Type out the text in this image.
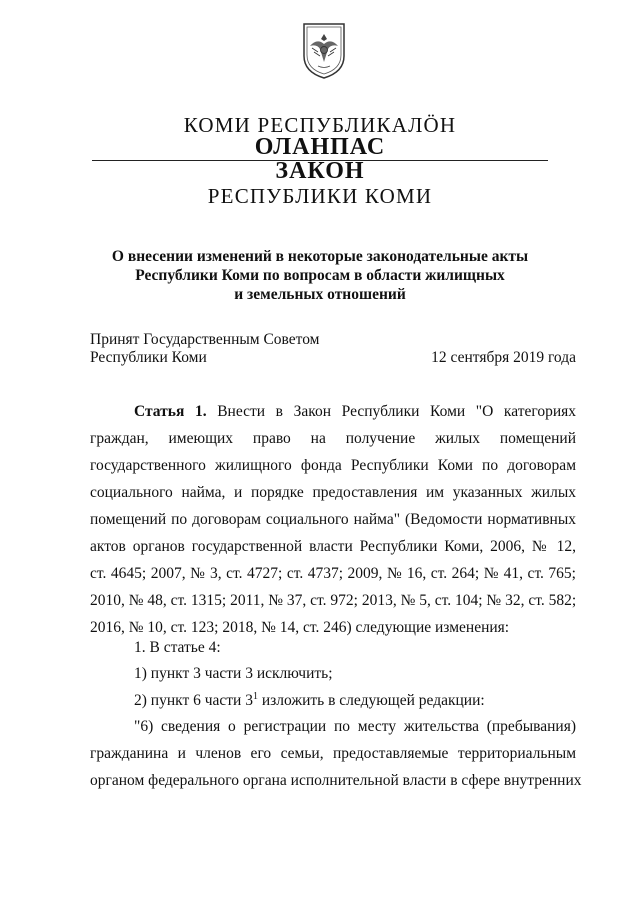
КОМИ РЕСПУБЛИКАЛӦН
ОЛАНПАС
ЗАКОН
РЕСПУБЛИКИ КОМИ
О внесении изменений в некоторые законодательные акты
Республики Коми по вопросам в области жилищных
и земельных отношений
Принят Государственным Советом
Республики Коми	12 сентября 2019 года
Статья 1. Внести в Закон Республики Коми "О категориях
граждан, имеющих право на получение жилых помещений
государственного жилищного фонда Республики Коми по договорам
социального найма, и порядке предоставления им указанных жилых
помещений по договорам социального найма" (Ведомости нормативных
актов органов государственной власти Республики Коми, 2006, № 12,
ст. 4645; 2007, № 3, ст. 4727; ст. 4737; 2009, № 16, ст. 264; № 41, ст. 765;
2010, № 48, ст. 1315; 2011, № 37, ст. 972; 2013, № 5, ст. 104; № 32, ст. 582;
2016, № 10, ст. 123; 2018, № 14, ст. 246) следующие изменения:
1. В статье 4:
1) пункт 3 части 3 исключить;
2) пункт 6 части $3^1$ изложить в следующей редакции:
"6) сведения о регистрации по месту жительства (пребывания)
гражданина и членов его семьи, предоставляемые территориальным
органом федерального органа исполнительной власти в сфере внутренних
